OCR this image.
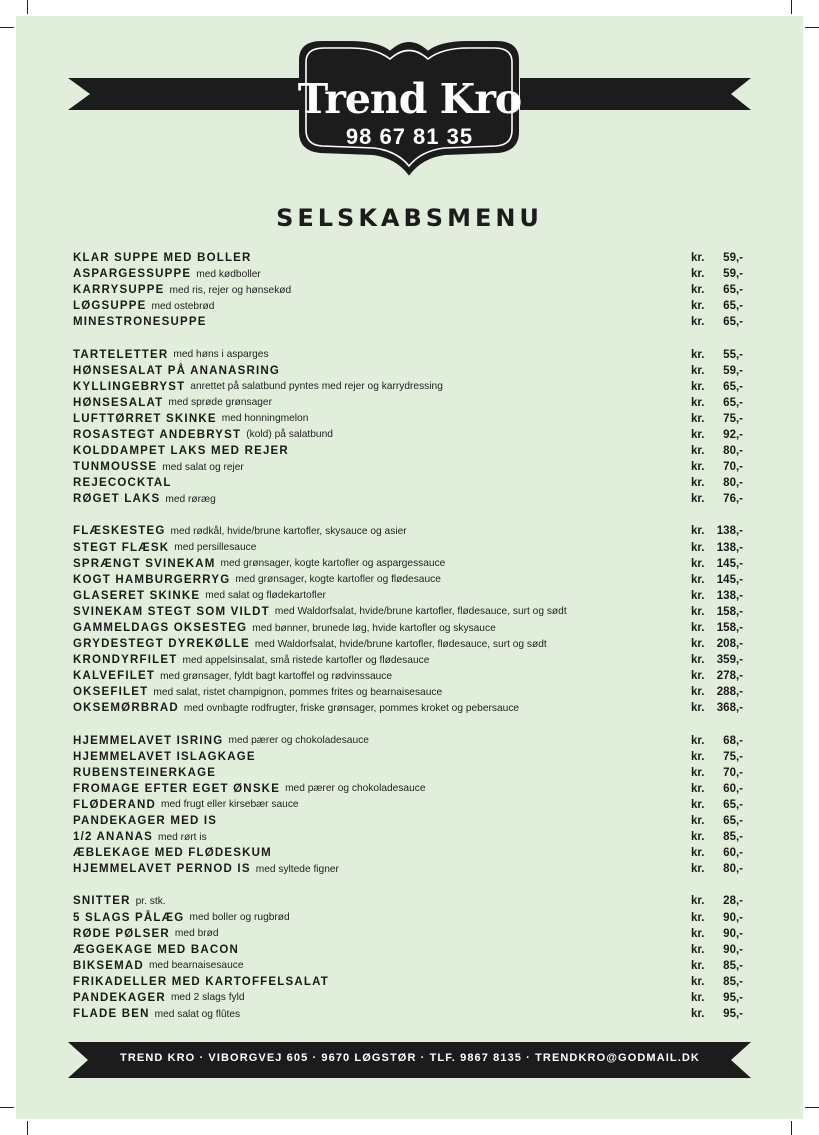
Trend Kro
98 67 81 35
SELSKABSMENU
KLAR SUPPE MED BOLLER	kr. 59,-
ASPARGESSUPPE med kødboller	kr. 59,-
KARRYSUPPE med ris, rejer og hønsekød	kr. 65,-
LØGSUPPE med ostebrød	kr. 65,-
MINESTRONESUPPE	kr. 65,-
TARTELETTER med høns i asparges	kr. 55,-
HØNSESALAT PÅ ANANASRING	kr. 59,-
KYLLINGEBRYST anrettet på salatbund pyntes med rejer og karrydressing	kr. 65,-
HØNSESALAT med sprøde grønsager	kr. 65,-
LUFTTØRRET SKINKE med honningmelon	kr. 75,-
ROSASTEGT ANDEBRYST (kold) på salatbund	kr. 92,-
KOLDDAMPET LAKS MED REJER	kr. 80,-
TUNMOUSSE med salat og rejer	kr. 70,-
REJECOCKTAL	kr. 80,-
RØGET LAKS med røræg	kr. 76,-
FLÆSKESTEG med rødkål, hvide/brune kartofler, skysauce og asier	kr. 138,-
STEGT FLÆSK med persillesauce	kr. 138,-
SPRÆNGT SVINEKAM med grønsager, kogte kartofler og aspargessauce	kr. 145,-
KOGT HAMBURGERRYG med grønsager, kogte kartofler og flødesauce	kr. 145,-
GLASERET SKINKE med salat og flødekartofler	kr. 138,-
SVINEKAM STEGT SOM VILDT med Waldorfsalat, hvide/brune kartofler, flødesauce, surt og sødt	kr. 158,-
GAMMELDAGS OKSESTEG med bønner, brunede løg, hvide kartofler og skysauce	kr. 158,-
GRYDESTEGT DYREKØLLE med Waldorfsalat, hvide/brune kartofler, flødesauce, surt og sødt	kr. 208,-
KRONDYRFILET med appelsinsalat, små ristede kartofler og flødesauce	kr. 359,-
KALVEFILET med grønsager, fyldt bagt kartoffel og rødvinssauce	kr. 278,-
OKSEFILET med salat, ristet champignon, pommes frites og bearnaisesauce	kr. 288,-
OKSEMØRBRAD med ovnbagte rodfrugter, friske grønsager, pommes kroket og pebersauce	kr. 368,-
HJEMMELAVET ISRING med pærer og chokoladesauce	kr. 68,-
HJEMMELAVET ISLAGKAGE	kr. 75,-
RUBENSTEINERKAGE	kr. 70,-
FROMAGE EFTER EGET ØNSKE med pærer og chokoladesauce	kr. 60,-
FLØDERAND med frugt eller kirsebær sauce	kr. 65,-
PANDEKAGER MED IS	kr. 65,-
1/2 ANANAS med rørt is	kr. 85,-
ÆBLEKAGE MED FLØDESKUM	kr. 60,-
HJEMMELAVET PERNOD IS med syltede figner	kr. 80,-
SNITTER pr. stk.	kr. 28,-
5 SLAGS PÅLÆG med boller og rugbrød	kr. 90,-
RØDE PØLSER med brød	kr. 90,-
ÆGGEKAGE MED BACON	kr. 90,-
BIKSEMAD med bearnaisesauce	kr. 85,-
FRIKADELLER MED KARTOFFELSALAT	kr. 85,-
PANDEKAGER med 2 slags fyld	kr. 95,-
FLADE BEN med salat og flûtes	kr. 95,-
TREND KRO · VIBORGVEJ 605 · 9670 LØGSTØR · TLF. 9867 8135 · TRENDKRO@GODMAIL.DK
